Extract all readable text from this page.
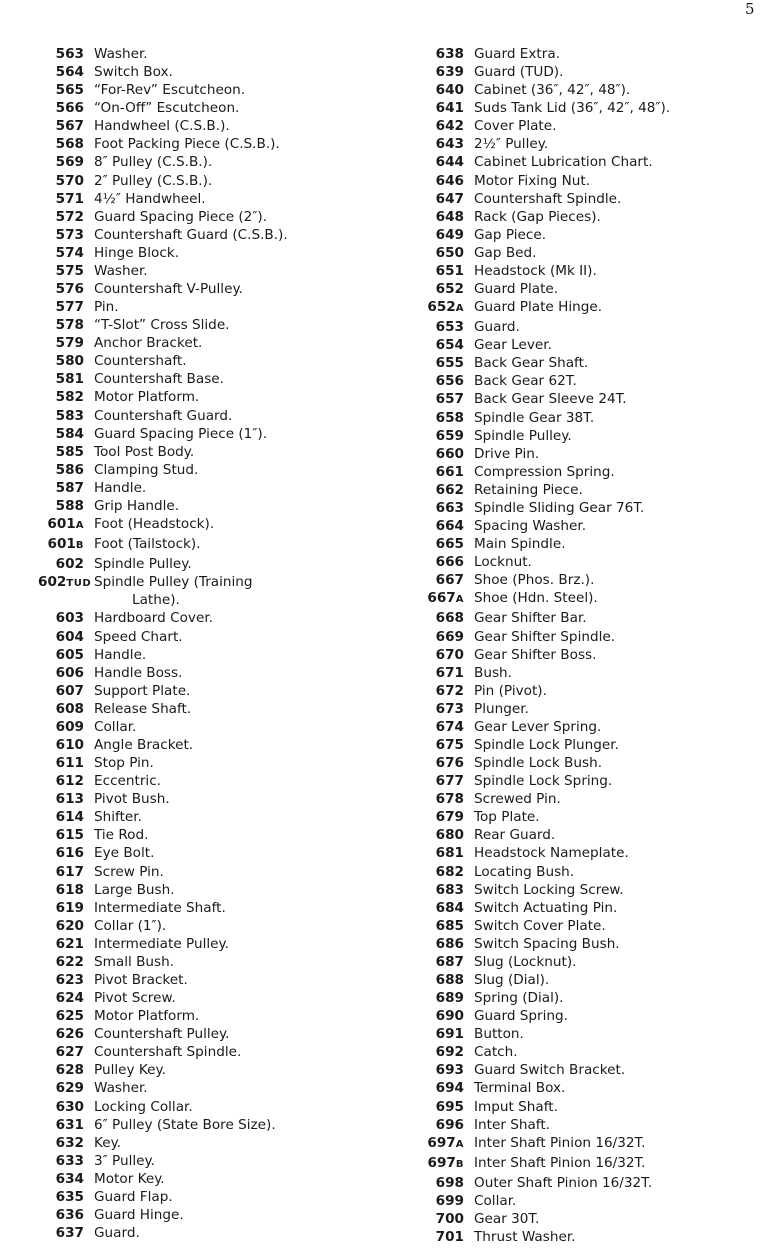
5
563 Washer.
564 Switch Box.
565 “For-Rev” Escutcheon.
566 “On-Off” Escutcheon.
567 Handwheel (C.S.B.).
568 Foot Packing Piece (C.S.B.).
569 8″ Pulley (C.S.B.).
570 2″ Pulley (C.S.B.).
571 4½″ Handwheel.
572 Guard Spacing Piece (2″).
573 Countershaft Guard (C.S.B.).
574 Hinge Block.
575 Washer.
576 Countershaft V-Pulley.
577 Pin.
578 “T-Slot” Cross Slide.
579 Anchor Bracket.
580 Countershaft.
581 Countershaft Base.
582 Motor Platform.
583 Countershaft Guard.
584 Guard Spacing Piece (1″).
585 Tool Post Body.
586 Clamping Stud.
587 Handle.
588 Grip Handle.
601A Foot (Headstock).
601B Foot (Tailstock).
602 Spindle Pulley.
602TUD Spindle Pulley (Training
Lathe).
603 Hardboard Cover.
604 Speed Chart.
605 Handle.
606 Handle Boss.
607 Support Plate.
608 Release Shaft.
609 Collar.
610 Angle Bracket.
611 Stop Pin.
612 Eccentric.
613 Pivot Bush.
614 Shifter.
615 Tie Rod.
616 Eye Bolt.
617 Screw Pin.
618 Large Bush.
619 Intermediate Shaft.
620 Collar (1″).
621 Intermediate Pulley.
622 Small Bush.
623 Pivot Bracket.
624 Pivot Screw.
625 Motor Platform.
626 Countershaft Pulley.
627 Countershaft Spindle.
628 Pulley Key.
629 Washer.
630 Locking Collar.
631 6″ Pulley (State Bore Size).
632 Key.
633 3″ Pulley.
634 Motor Key.
635 Guard Flap.
636 Guard Hinge.
637 Guard.
638 Guard Extra.
639 Guard (TUD).
640 Cabinet (36″, 42″, 48″).
641 Suds Tank Lid (36″, 42″, 48″).
642 Cover Plate.
643 2½″ Pulley.
644 Cabinet Lubrication Chart.
646 Motor Fixing Nut.
647 Countershaft Spindle.
648 Rack (Gap Pieces).
649 Gap Piece.
650 Gap Bed.
651 Headstock (Mk II).
652 Guard Plate.
652A Guard Plate Hinge.
653 Guard.
654 Gear Lever.
655 Back Gear Shaft.
656 Back Gear 62T.
657 Back Gear Sleeve 24T.
658 Spindle Gear 38T.
659 Spindle Pulley.
660 Drive Pin.
661 Compression Spring.
662 Retaining Piece.
663 Spindle Sliding Gear 76T.
664 Spacing Washer.
665 Main Spindle.
666 Locknut.
667 Shoe (Phos. Brz.).
667A Shoe (Hdn. Steel).
668 Gear Shifter Bar.
669 Gear Shifter Spindle.
670 Gear Shifter Boss.
671 Bush.
672 Pin (Pivot).
673 Plunger.
674 Gear Lever Spring.
675 Spindle Lock Plunger.
676 Spindle Lock Bush.
677 Spindle Lock Spring.
678 Screwed Pin.
679 Top Plate.
680 Rear Guard.
681 Headstock Nameplate.
682 Locating Bush.
683 Switch Locking Screw.
684 Switch Actuating Pin.
685 Switch Cover Plate.
686 Switch Spacing Bush.
687 Slug (Locknut).
688 Slug (Dial).
689 Spring (Dial).
690 Guard Spring.
691 Button.
692 Catch.
693 Guard Switch Bracket.
694 Terminal Box.
695 Imput Shaft.
696 Inter Shaft.
697A Inter Shaft Pinion 16/32T.
697B Inter Shaft Pinion 16/32T.
698 Outer Shaft Pinion 16/32T.
699 Collar.
700 Gear 30T.
701 Thrust Washer.
